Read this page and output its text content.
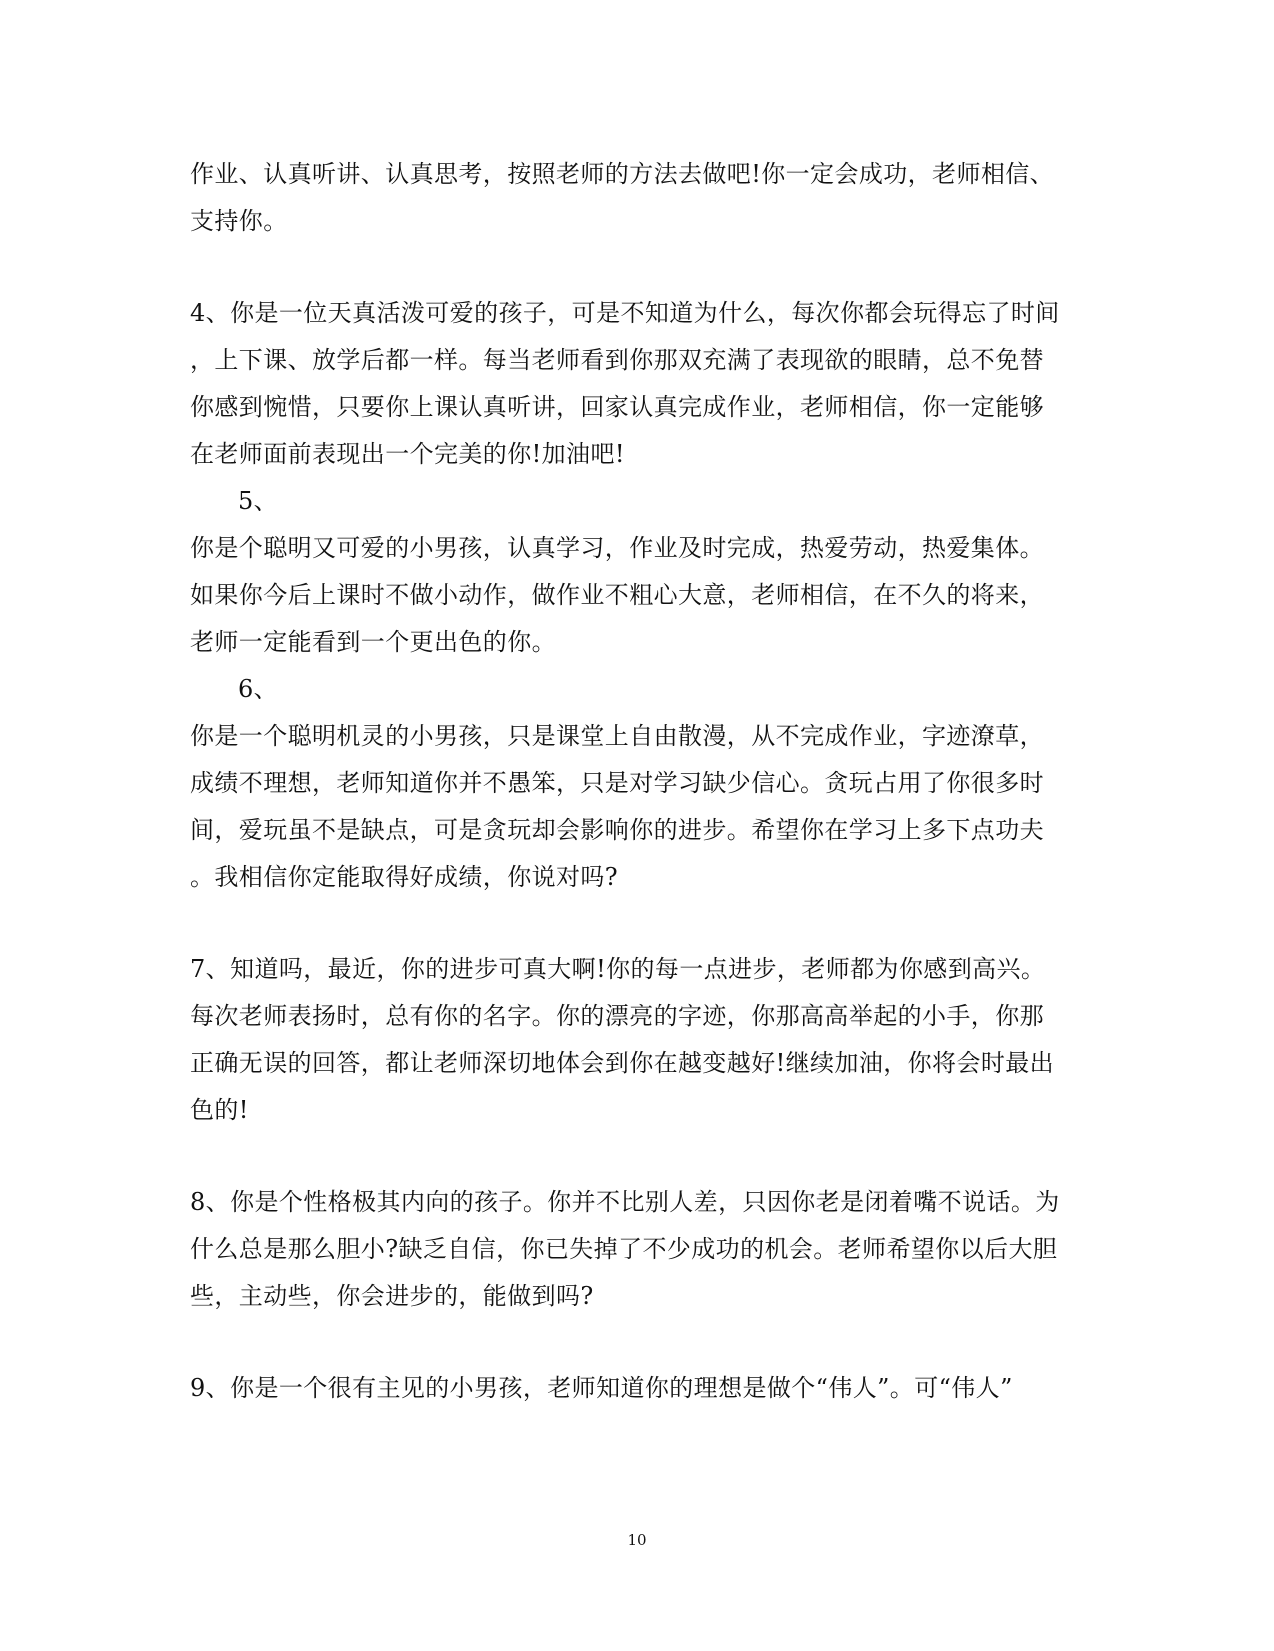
作业、认真听讲、认真思考，按照老师的方法去做吧!你一定会成功，老师相信、
支持你。
4、你是一位天真活泼可爱的孩子，可是不知道为什么，每次你都会玩得忘了时间
，上下课、放学后都一样。每当老师看到你那双充满了表现欲的眼睛，总不免替
你感到惋惜，只要你上课认真听讲，回家认真完成作业，老师相信，你一定能够
在老师面前表现出一个完美的你!加油吧!
5、
你是个聪明又可爱的小男孩，认真学习，作业及时完成，热爱劳动，热爱集体。
如果你今后上课时不做小动作，做作业不粗心大意，老师相信，在不久的将来，
老师一定能看到一个更出色的你。
6、
你是一个聪明机灵的小男孩，只是课堂上自由散漫，从不完成作业，字迹潦草，
成绩不理想，老师知道你并不愚笨，只是对学习缺少信心。贪玩占用了你很多时
间，爱玩虽不是缺点，可是贪玩却会影响你的进步。希望你在学习上多下点功夫
。我相信你定能取得好成绩，你说对吗?
7、知道吗，最近，你的进步可真大啊!你的每一点进步，老师都为你感到高兴。
每次老师表扬时，总有你的名字。你的漂亮的字迹，你那高高举起的小手，你那
正确无误的回答，都让老师深切地体会到你在越变越好!继续加油，你将会时最出
色的!
8、你是个性格极其内向的孩子。你并不比别人差，只因你老是闭着嘴不说话。为
什么总是那么胆小?缺乏自信，你已失掉了不少成功的机会。老师希望你以后大胆
些，主动些，你会进步的，能做到吗?
9、你是一个很有主见的小男孩，老师知道你的理想是做个“伟人”。可“伟人”
10
